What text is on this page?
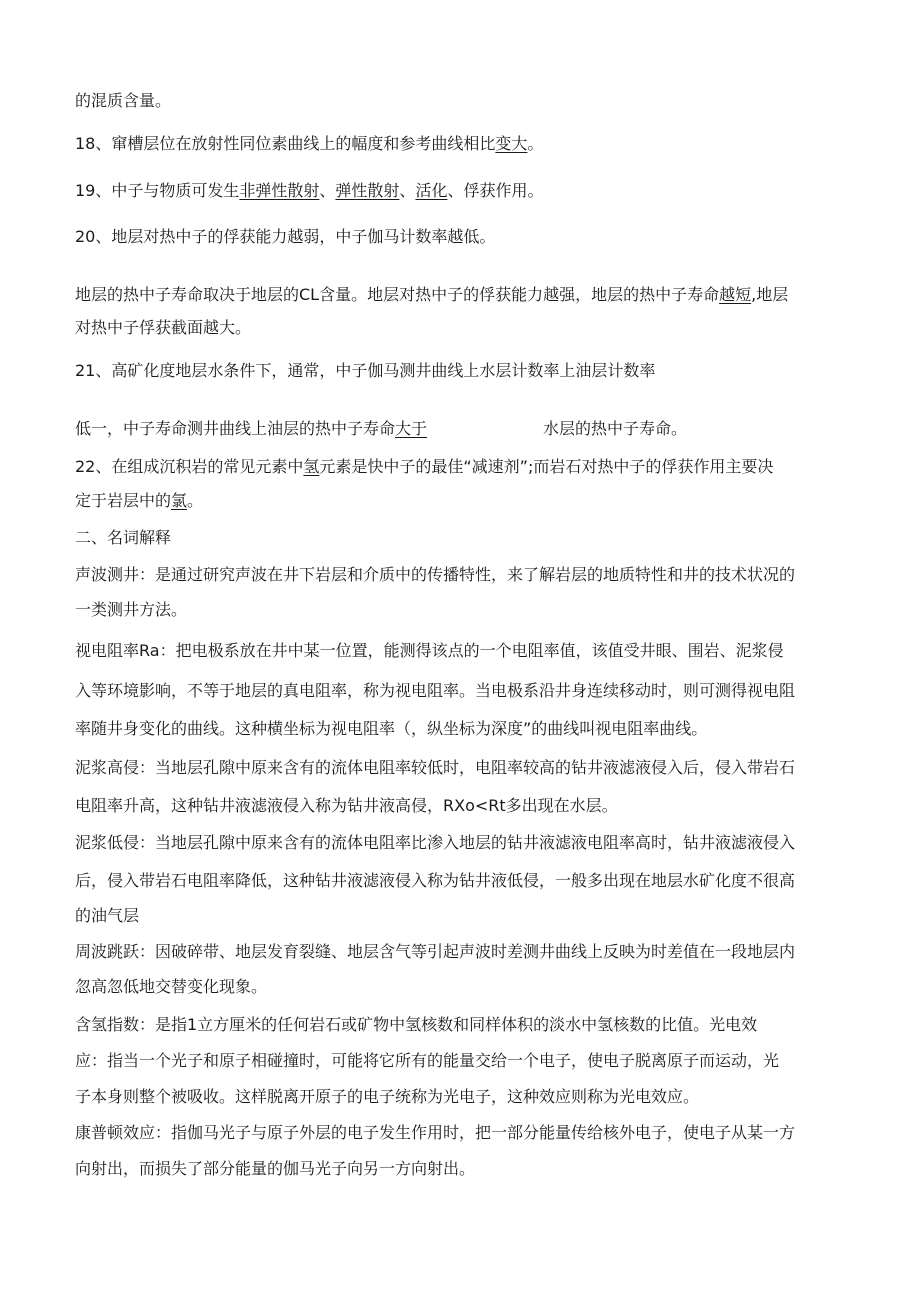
的混质含量。
18、窜槽层位在放射性同位素曲线上的幅度和参考曲线相比变大。
19、中子与物质可发生非弹性散射、弹性散射、活化、俘获作用。
20、地层对热中子的俘获能力越弱，中子伽马计数率越低。
地层的热中子寿命取决于地层的CL含量。地层对热中子的俘获能力越强，地层的热中子寿命越短,地层
对热中子俘获截面越大。
21、高矿化度地层水条件下，通常，中子伽马测井曲线上水层计数率上油层计数率
低一，中子寿命测井曲线上油层的热中子寿命大于	水层的热中子寿命。
22、在组成沉积岩的常见元素中氢元素是快中子的最佳“减速剂”;而岩石对热中子的俘获作用主要决
定于岩层中的氯。
二、名词解释
声波测井：是通过研究声波在井下岩层和介质中的传播特性，来了解岩层的地质特性和井的技术状况的
一类测井方法。
视电阻率Ra：把电极系放在井中某一位置，能测得该点的一个电阻率值，该值受井眼、围岩、泥浆侵
入等环境影响，不等于地层的真电阻率，称为视电阻率。当电极系沿井身连续移动时，则可测得视电阻
率随井身变化的曲线。这种横坐标为视电阻率（，纵坐标为深度”的曲线叫视电阻率曲线。
泥浆高侵：当地层孔隙中原来含有的流体电阻率较低时，电阻率较高的钻井液滤液侵入后，侵入带岩石
电阻率升高，这种钻井液滤液侵入称为钻井液高侵，RXo<Rt多出现在水层。
泥浆低侵：当地层孔隙中原来含有的流体电阻率比渗入地层的钻井液滤液电阻率高时，钻井液滤液侵入
后，侵入带岩石电阻率降低，这种钻井液滤液侵入称为钻井液低侵，一般多出现在地层水矿化度不很高
的油气层
周波跳跃：因破碎带、地层发育裂缝、地层含气等引起声波时差测井曲线上反映为时差值在一段地层内
忽高忽低地交替变化现象。
含氢指数：是指1立方厘米的任何岩石或矿物中氢核数和同样体积的淡水中氢核数的比值。光电效
应：指当一个光子和原子相碰撞时，可能将它所有的能量交给一个电子，使电子脱离原子而运动，光
子本身则整个被吸收。这样脱离开原子的电子统称为光电子，这种效应则称为光电效应。
康普顿效应：指伽马光子与原子外层的电子发生作用时，把一部分能量传给核外电子，使电子从某一方
向射出，而损失了部分能量的伽马光子向另一方向射出。
